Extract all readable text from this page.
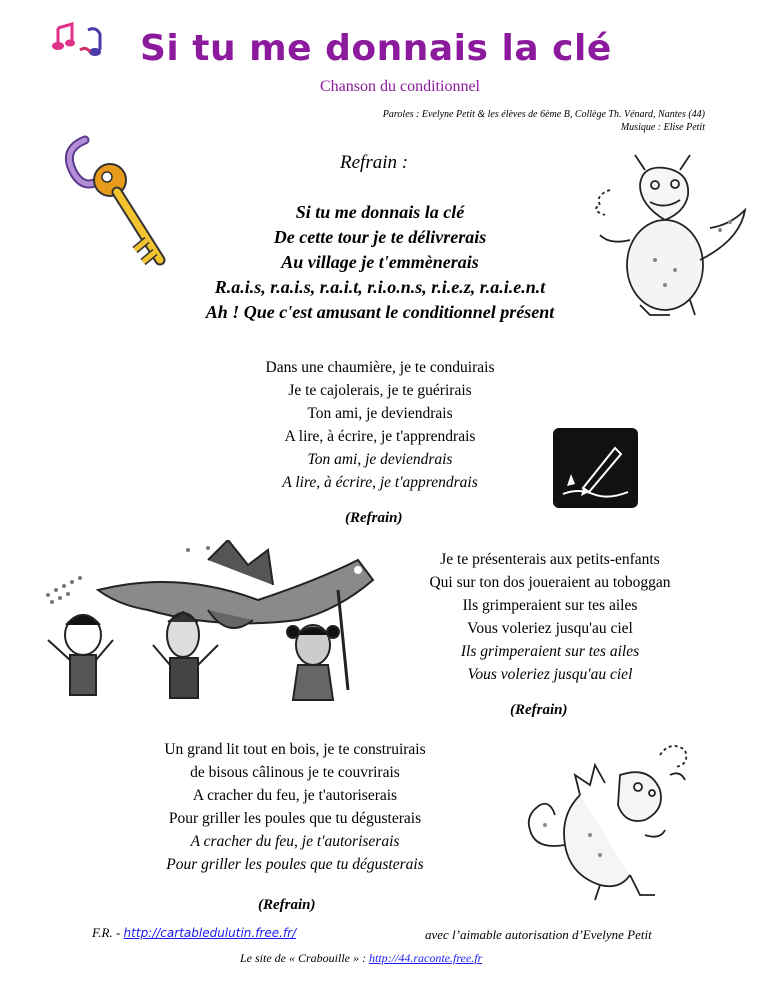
Si tu me donnais la clé
Chanson du conditionnel
Paroles : Evelyne Petit & les élèves de 6ème B, Collège Th. Vénard, Nantes (44)
Musique : Elise Petit
Refrain :
Si tu me donnais la clé
De cette tour je te délivrerais
Au village je t'emmènerais
R.a.i.s, r.a.i.s, r.a.i.t, r.i.o.n.s, r.i.e.z, r.a.i.e.n.t
Ah ! Que c'est amusant le conditionnel présent
Dans une chaumière, je te conduirais
Je te cajolerais, je te guérirais
Ton ami, je deviendrais
A lire, à écrire, je t'apprendrais
Ton ami, je deviendrais
A lire, à écrire, je t'apprendrais
(Refrain)
Je te présenterais aux petits-enfants
Qui sur ton dos joueraient au toboggan
Ils grimperaient sur tes ailes
Vous voleriez jusqu'au ciel
Ils grimperaient sur tes ailes
Vous voleriez jusqu'au ciel
(Refrain)
Un grand lit tout en bois, je te construirais
de bisous câlinous je te couvrirais
A cracher du feu, je t'autoriserais
Pour griller les poules que tu dégusterais
A cracher du feu, je t'autoriserais
Pour griller les poules que tu dégusterais
·
(Refrain)
F.R. - http://cartabledulutin.free.fr/	avec l’aimable autorisation d’Evelyne Petit
Le site de « Crabouille » : http://44.raconte.free.fr
